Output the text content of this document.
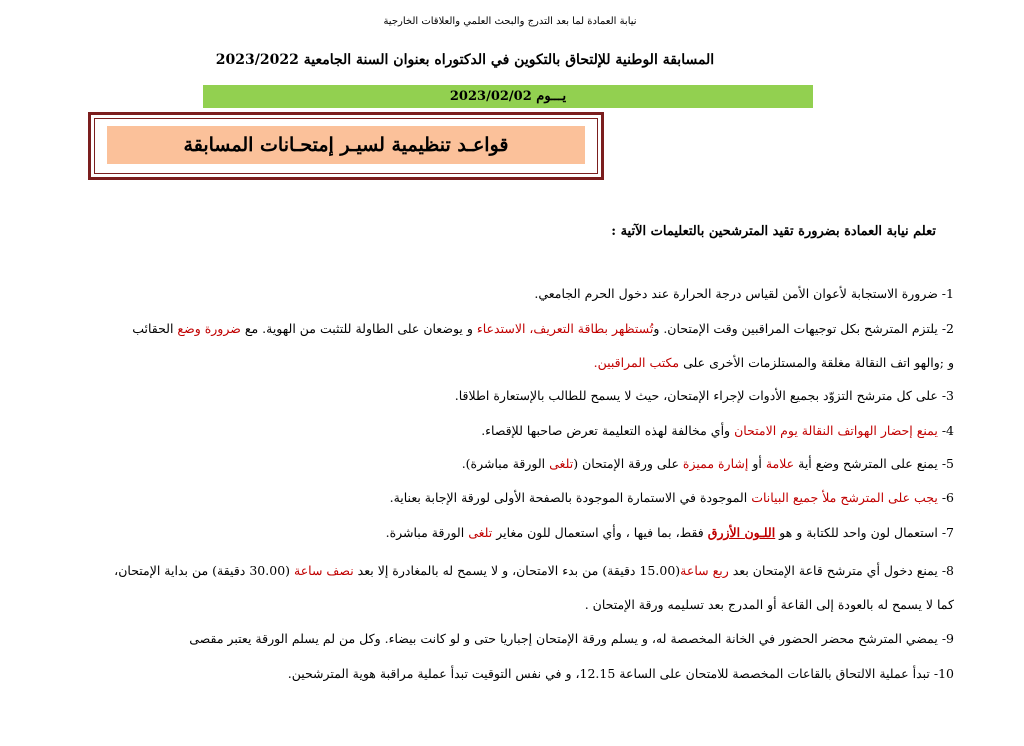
نيابة العمادة لما بعد التدرج والبحث العلمي والعلاقات الخارجية
المسابقة الوطنية للإلتحاق بالتكوين في الدكتوراه بعنوان السنة الجامعية 2023/2022
يـــوم 2023/02/02
قواعـد تنظيمية لسيـر إمتحـانات المسابقة
تعلم نيابة العمادة بضرورة تقيد المترشحين بالتعليمات الآتية :
1- ضرورة الاستجابة لأعوان الأمن لقياس درجة الحرارة عند دخول الحرم الجامعي.
2- يلتزم المترشح بكل توجيهات المراقبين وقت الإمتحان. وتُستظهر بطاقة التعريف، الاستدعاء و يوضعان على الطاولة للتثبت من الهوية. مع ضرورة وضع الحقائب
و ;والهو اتف النقالة مغلقة والمستلزمات الأخرى على مكتب المراقبين.
3- على كل مترشح التزوّد بجميع الأدوات لإجراء الإمتحان، حيث لا يسمح للطالب بالإستعارة اطلاقا.
4- يمنع إحضار الهواتف النقالة يوم الامتحان وأي مخالفة لهذه التعليمة تعرض صاحبها للإقصاء.
5- يمنع على المترشح وضع أية علامة أو إشارة مميزة على ورقة الإمتحان (تلغى الورقة مباشرة).
6- يجب على المترشح ملأ جميع البيانات الموجودة في الاستمارة الموجودة بالصفحة الأولى لورقة الإجابة بعناية.
7- استعمال لون واحد للكتابة و هو اللـون الأزرق فقط، بما فيها ، وأي استعمال للون مغاير تلغى الورقة مباشرة.
8- يمنع دخول أي مترشح قاعة الإمتحان بعد ربع ساعة(15.00 دقيقة) من بدء الامتحان، و لا يسمح له بالمغادرة إلا بعد نصف ساعة (30.00 دقيقة) من بداية الإمتحان،
كما لا يسمح له بالعودة إلى القاعة أو المدرج بعد تسليمه ورقة الإمتحان .
9- يمضي المترشح محضر الحضور في الخانة المخصصة له، و يسلم ورقة الإمتحان إجباريا حتى و لو كانت بيضاء. وكل من لم يسلم الورقة يعتبر مقصى
10- تبدأ عملية الالتحاق بالقاعات المخصصة للامتحان على الساعة 12.15، و في نفس التوقيت تبدأ عملية مراقبة هوية المترشحين.
